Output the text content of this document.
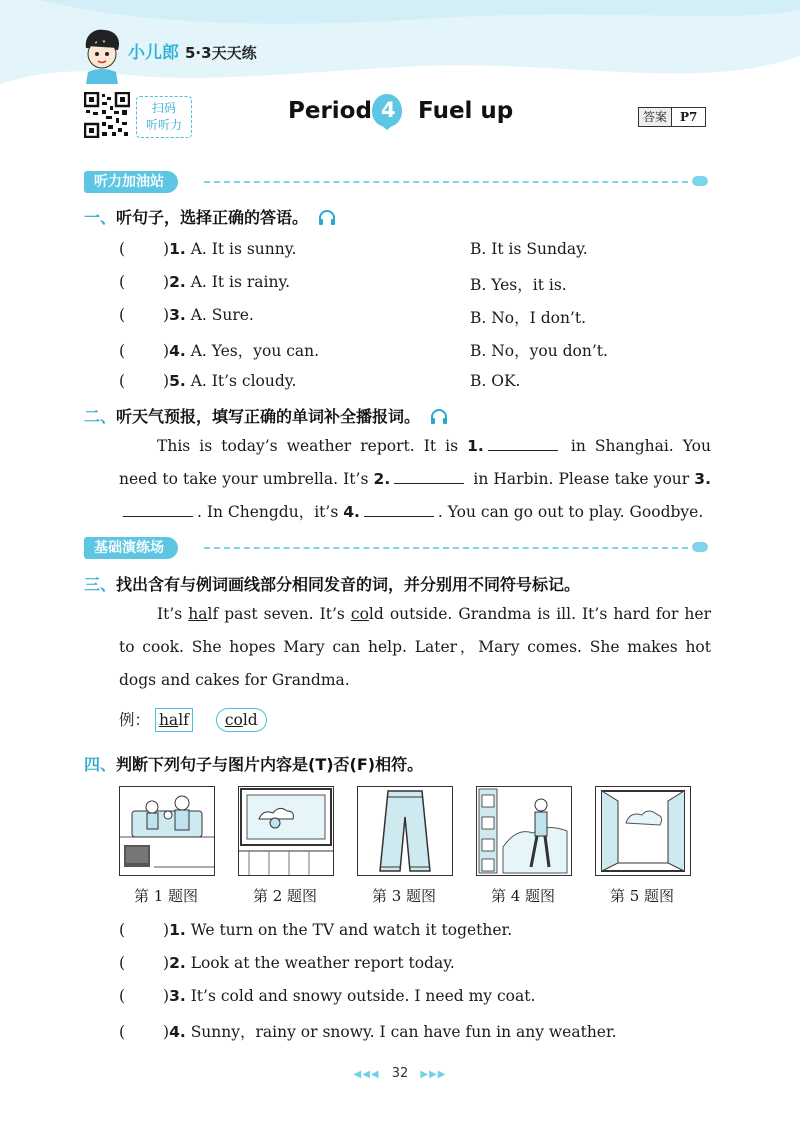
小儿郎 5·3天天练
扫码
听听力
Period 4 Fuel up	答案	P7
听力加油站
一、听句子，选择正确的答语。
( )1. A. It is sunny.	B. It is Sunday.
( )2. A. It is rainy.	B. Yes，it is.
( )3. A. Sure.	B. No，I don’t.
( )4. A. Yes，you can.	B. No，you don’t.
( )5. A. It’s cloudy.	B. OK.
二、听天气预报，填写正确的单词补全播报词。
This is today’s weather report. It is 1.	in Shanghai. You need to take your umbrella. It’s 2.	in Harbin. Please take your 3.. In Chengdu，it’s 4.	. You can go out to play. Goodbye.
基础演练场
三、找出含有与例词画线部分相同发音的词，并分别用不同符号标记。
It’s half past seven. It’s cold outside. Grandma is ill. It’s hard for her to cook. She hopes Mary can help. Later，Mary comes. She makes hot dogs and cakes for Grandma.
例： half cold
四、判断下列句子与图片内容是(T)否(F)相符。
第 1 题图	第 2 题图	第 3 题图	第 4 题图	第 5 题图
( )1. We turn on the TV and watch it together.
( )2. Look at the weather report today.
( )3. It’s cold and snowy outside. I need my coat.
( )4. Sunny，rainy or snowy. I can have fun in any weather.
◀◀◀ 32 ▶▶▶
